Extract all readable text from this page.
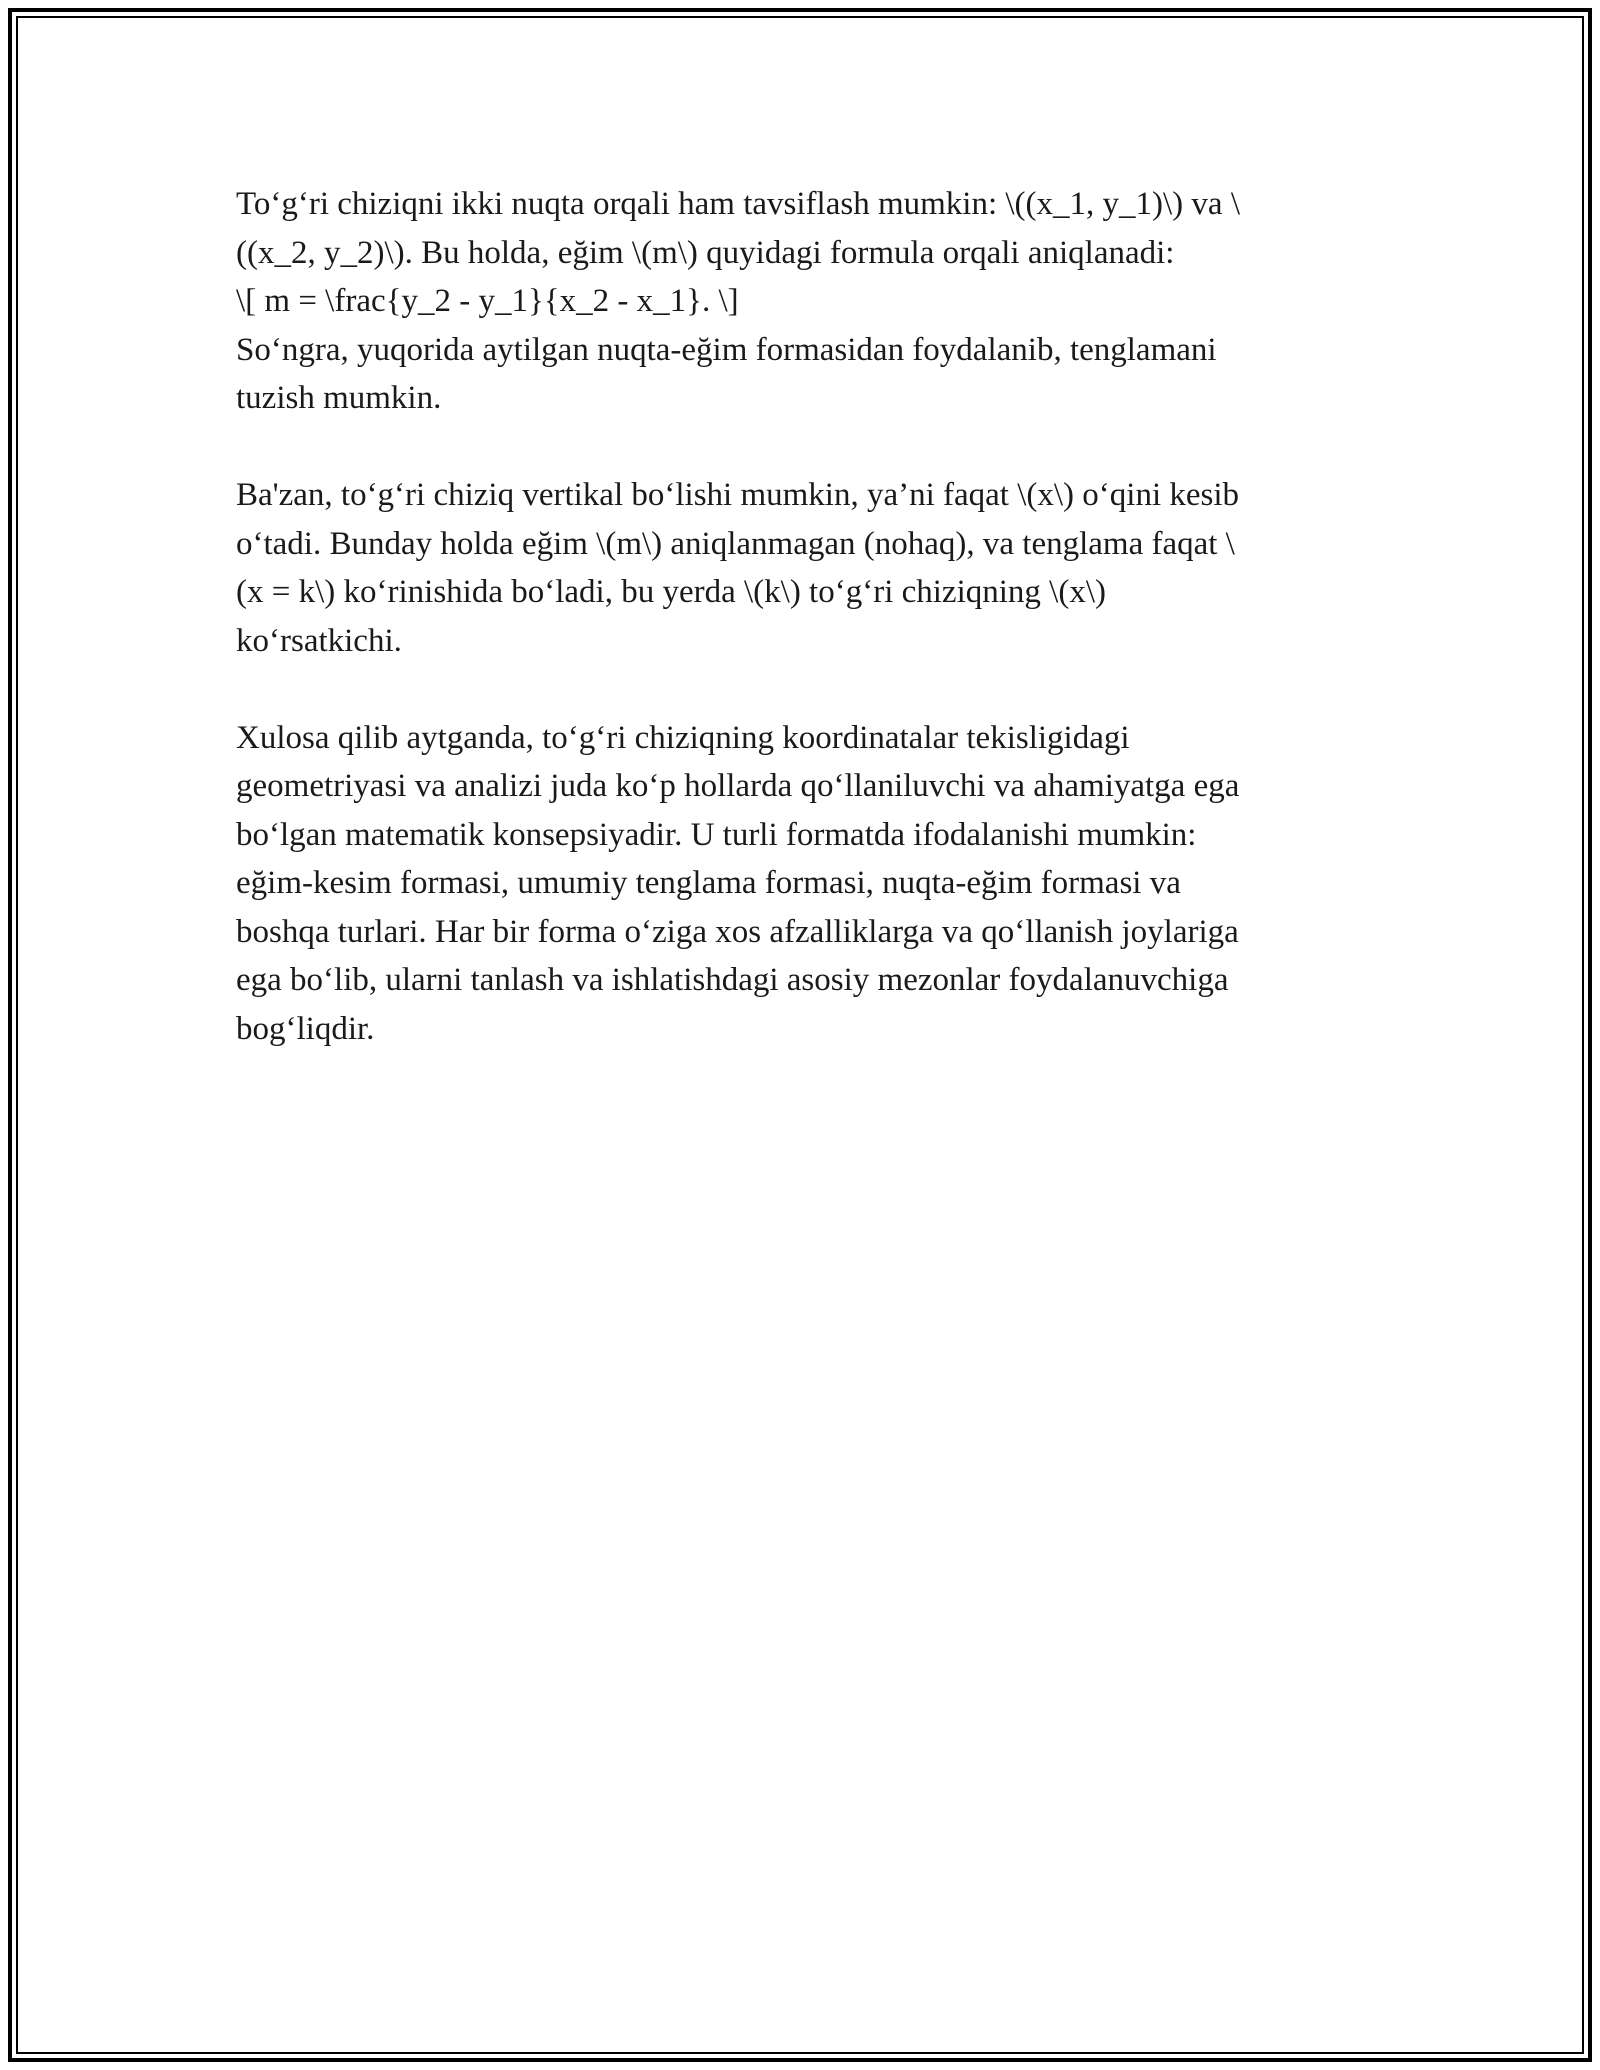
To‘g‘ri chiziqni ikki nuqta orqali ham tavsiflash mumkin: \((x_1, y_1)\) va \
((x_2, y_2)\). Bu holda, eğim \(m\) quyidagi formula orqali aniqlanadi:
\[ m = \frac{y_2 - y_1}{x_2 - x_1}. \]
So‘ngra, yuqorida aytilgan nuqta-eğim formasidan foydalanib, tenglamani
tuzish mumkin.

Ba'zan, to‘g‘ri chiziq vertikal bo‘lishi mumkin, ya’ni faqat \(x\) o‘qini kesib
o‘tadi. Bunday holda eğim \(m\) aniqlanmagan (nohaq), va tenglama faqat \
(x = k\) ko‘rinishida bo‘ladi, bu yerda \(k\) to‘g‘ri chiziqning \(x\)
ko‘rsatkichi.

Xulosa qilib aytganda, to‘g‘ri chiziqning koordinatalar tekisligidagi
geometriyasi va analizi juda ko‘p hollarda qo‘llaniluvchi va ahamiyatga ega
bo‘lgan matematik konsepsiyadir. U turli formatda ifodalanishi mumkin:
eğim-kesim formasi, umumiy tenglama formasi, nuqta-eğim formasi va
boshqa turlari. Har bir forma o‘ziga xos afzalliklarga va qo‘llanish joylariga
ega bo‘lib, ularni tanlash va ishlatishdagi asosiy mezonlar foydalanuvchiga
bog‘liqdir.
